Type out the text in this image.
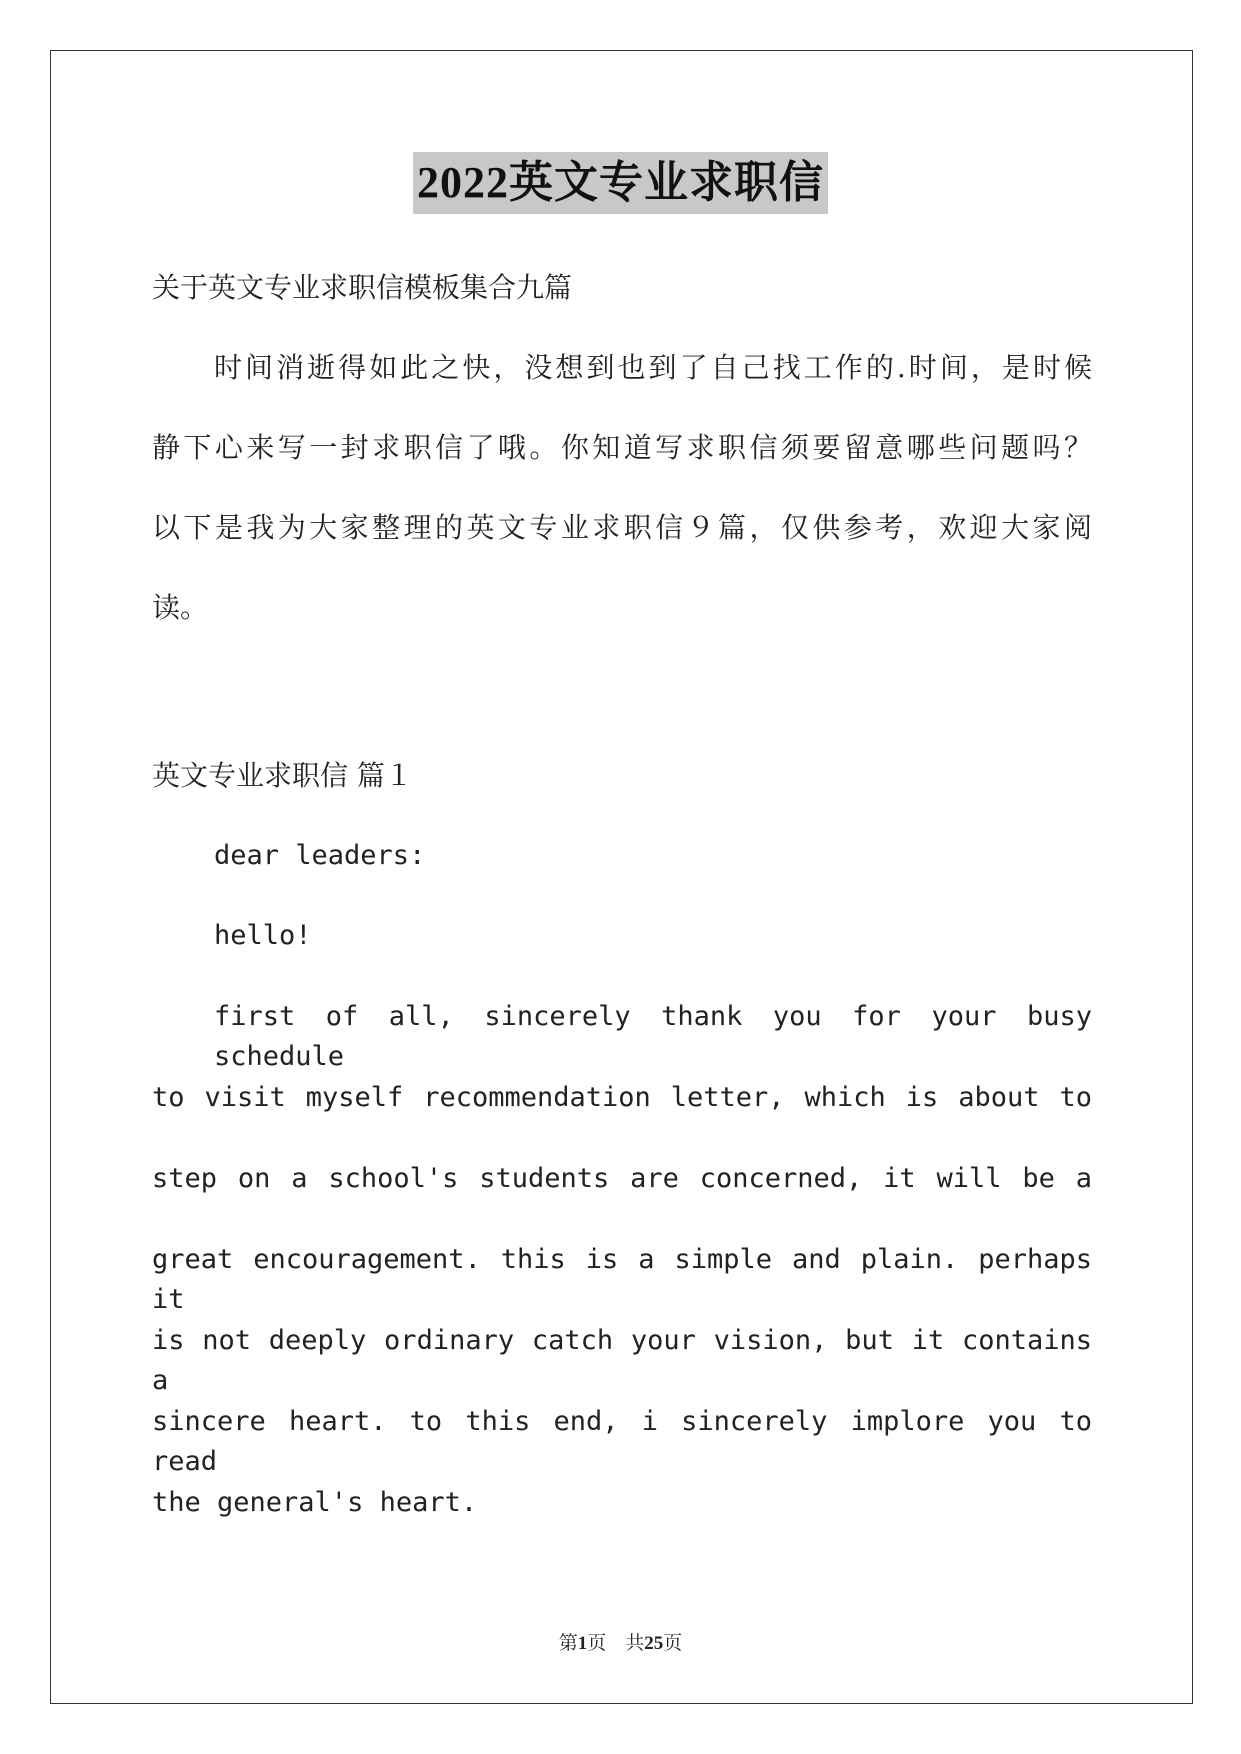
2022英文专业求职信
关于英文专业求职信模板集合九篇
时间消逝得如此之快，没想到也到了自己找工作的.时间，是时候
静下心来写一封求职信了哦。你知道写求职信须要留意哪些问题吗？
以下是我为大家整理的英文专业求职信９篇，仅供参考，欢迎大家阅
读。
英文专业求职信 篇１
dear leaders:
hello!
first of all, sincerely thank you for your busy schedule
to visit myself recommendation letter, which is about to
step on a school's students are concerned, it will be a
great encouragement. this is a simple and plain. perhaps it
is not deeply ordinary catch your vision, but it contains a
sincere heart. to this end, i sincerely implore you to read
the general's heart.
第1页 共25页
